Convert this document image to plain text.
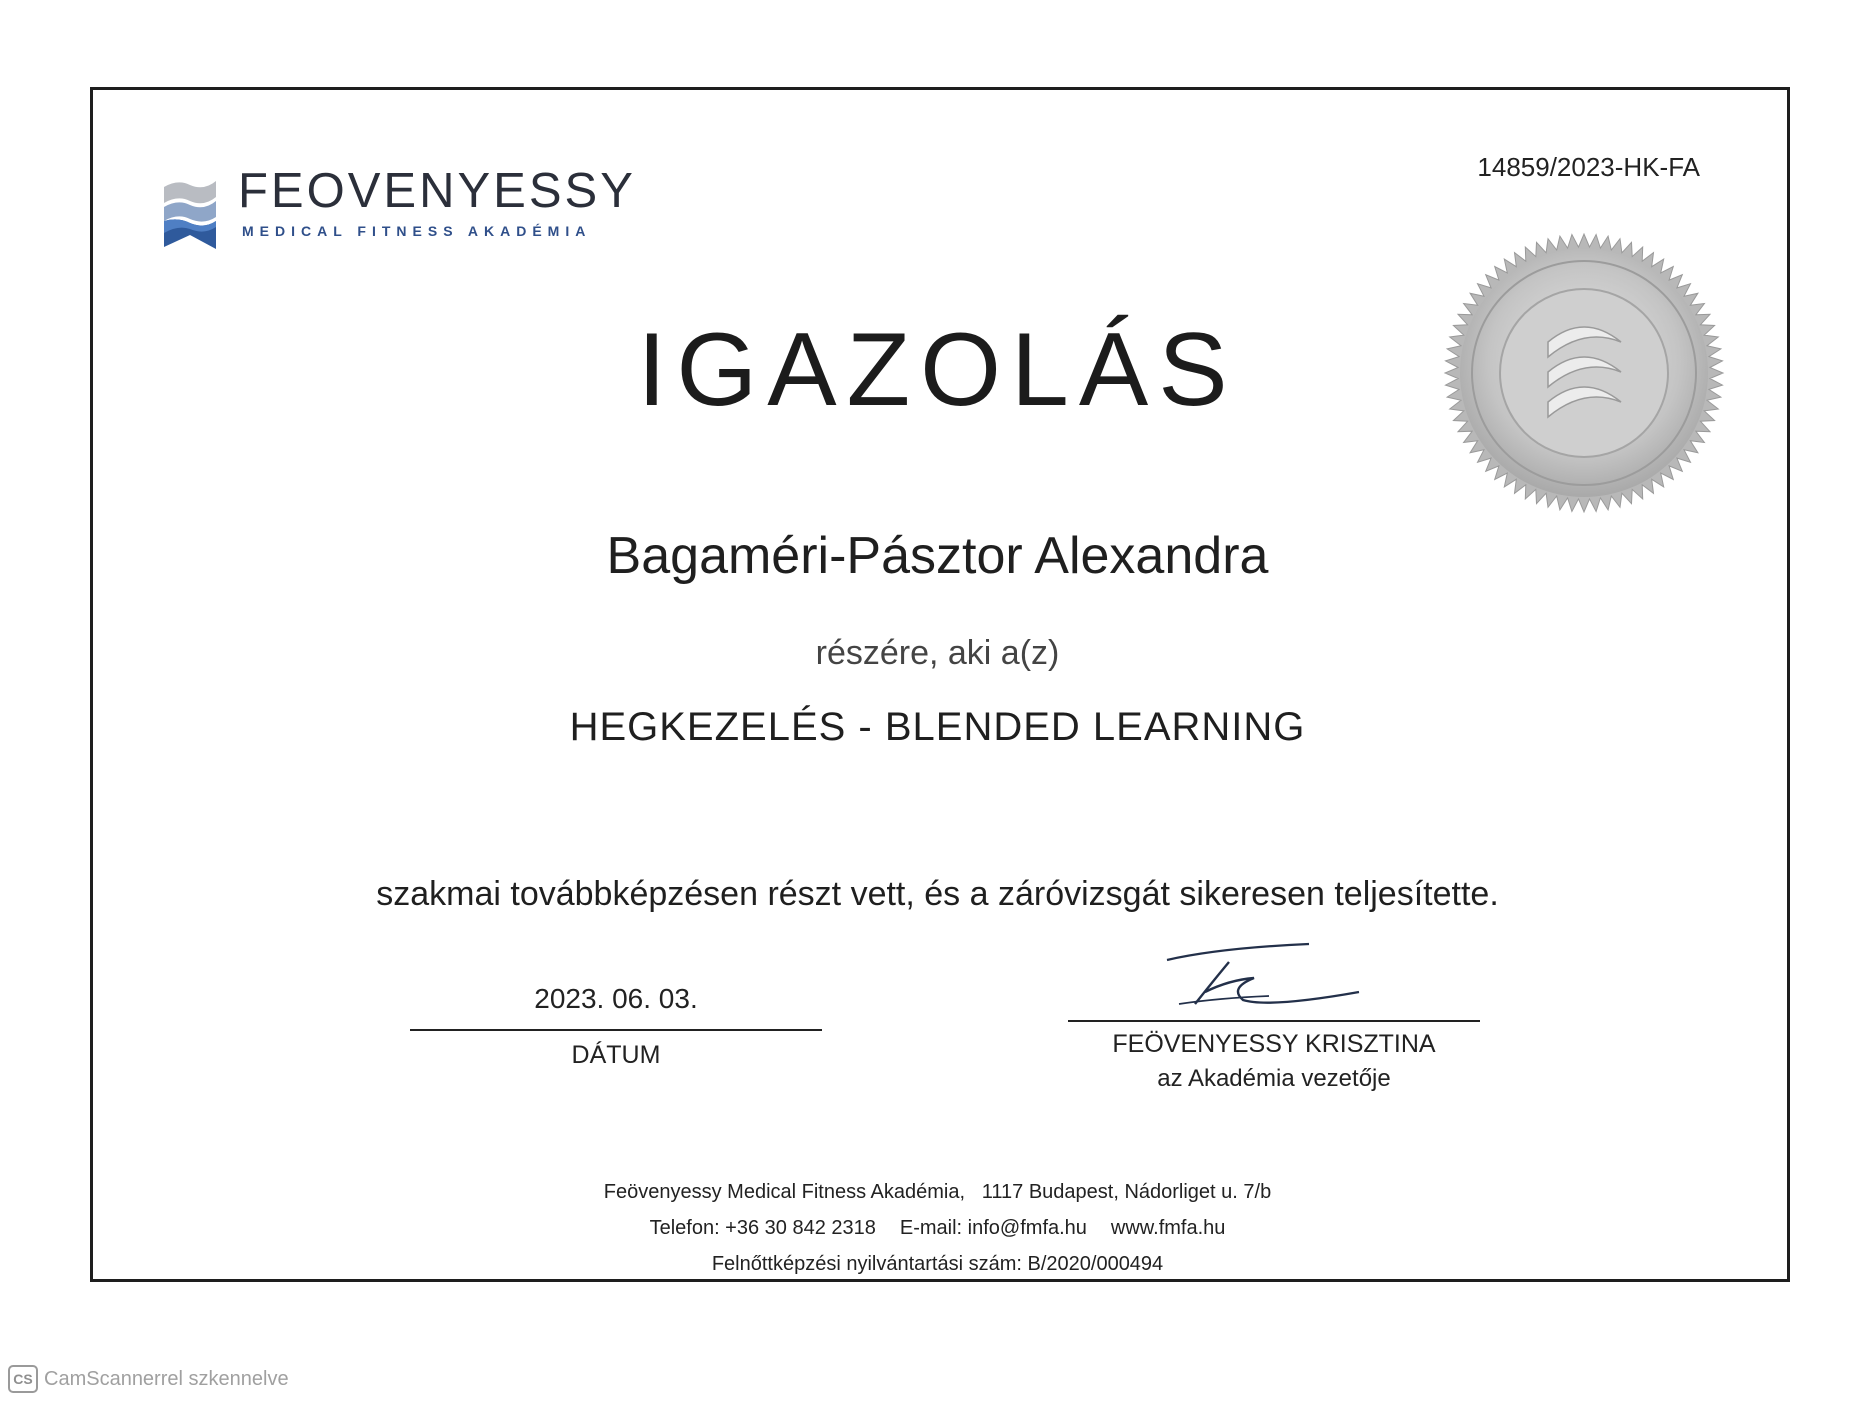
FEOVENYESSY
MEDICAL FITNESS AKADÉMIA
14859/2023-HK-FA
IGAZOLÁS
Bagaméri-Pásztor Alexandra
részére, aki a(z)
HEGKEZELÉS - BLENDED LEARNING
szakmai továbbképzésen részt vett, és a záróvizsgát sikeresen teljesítette.
2023. 06. 03.
DÁTUM	FEÖVENYESSY KRISZTINA
az Akadémia vezetője
Feövenyessy Medical Fitness Akadémia, 1117 Budapest, Nádorliget u. 7/b
Telefon: +36 30 842 2318 E-mail: info@fmfa.hu www.fmfa.hu
Felnőttképzési nyilvántartási szám: B/2020/000494
CS CamScannerrel szkennelve
